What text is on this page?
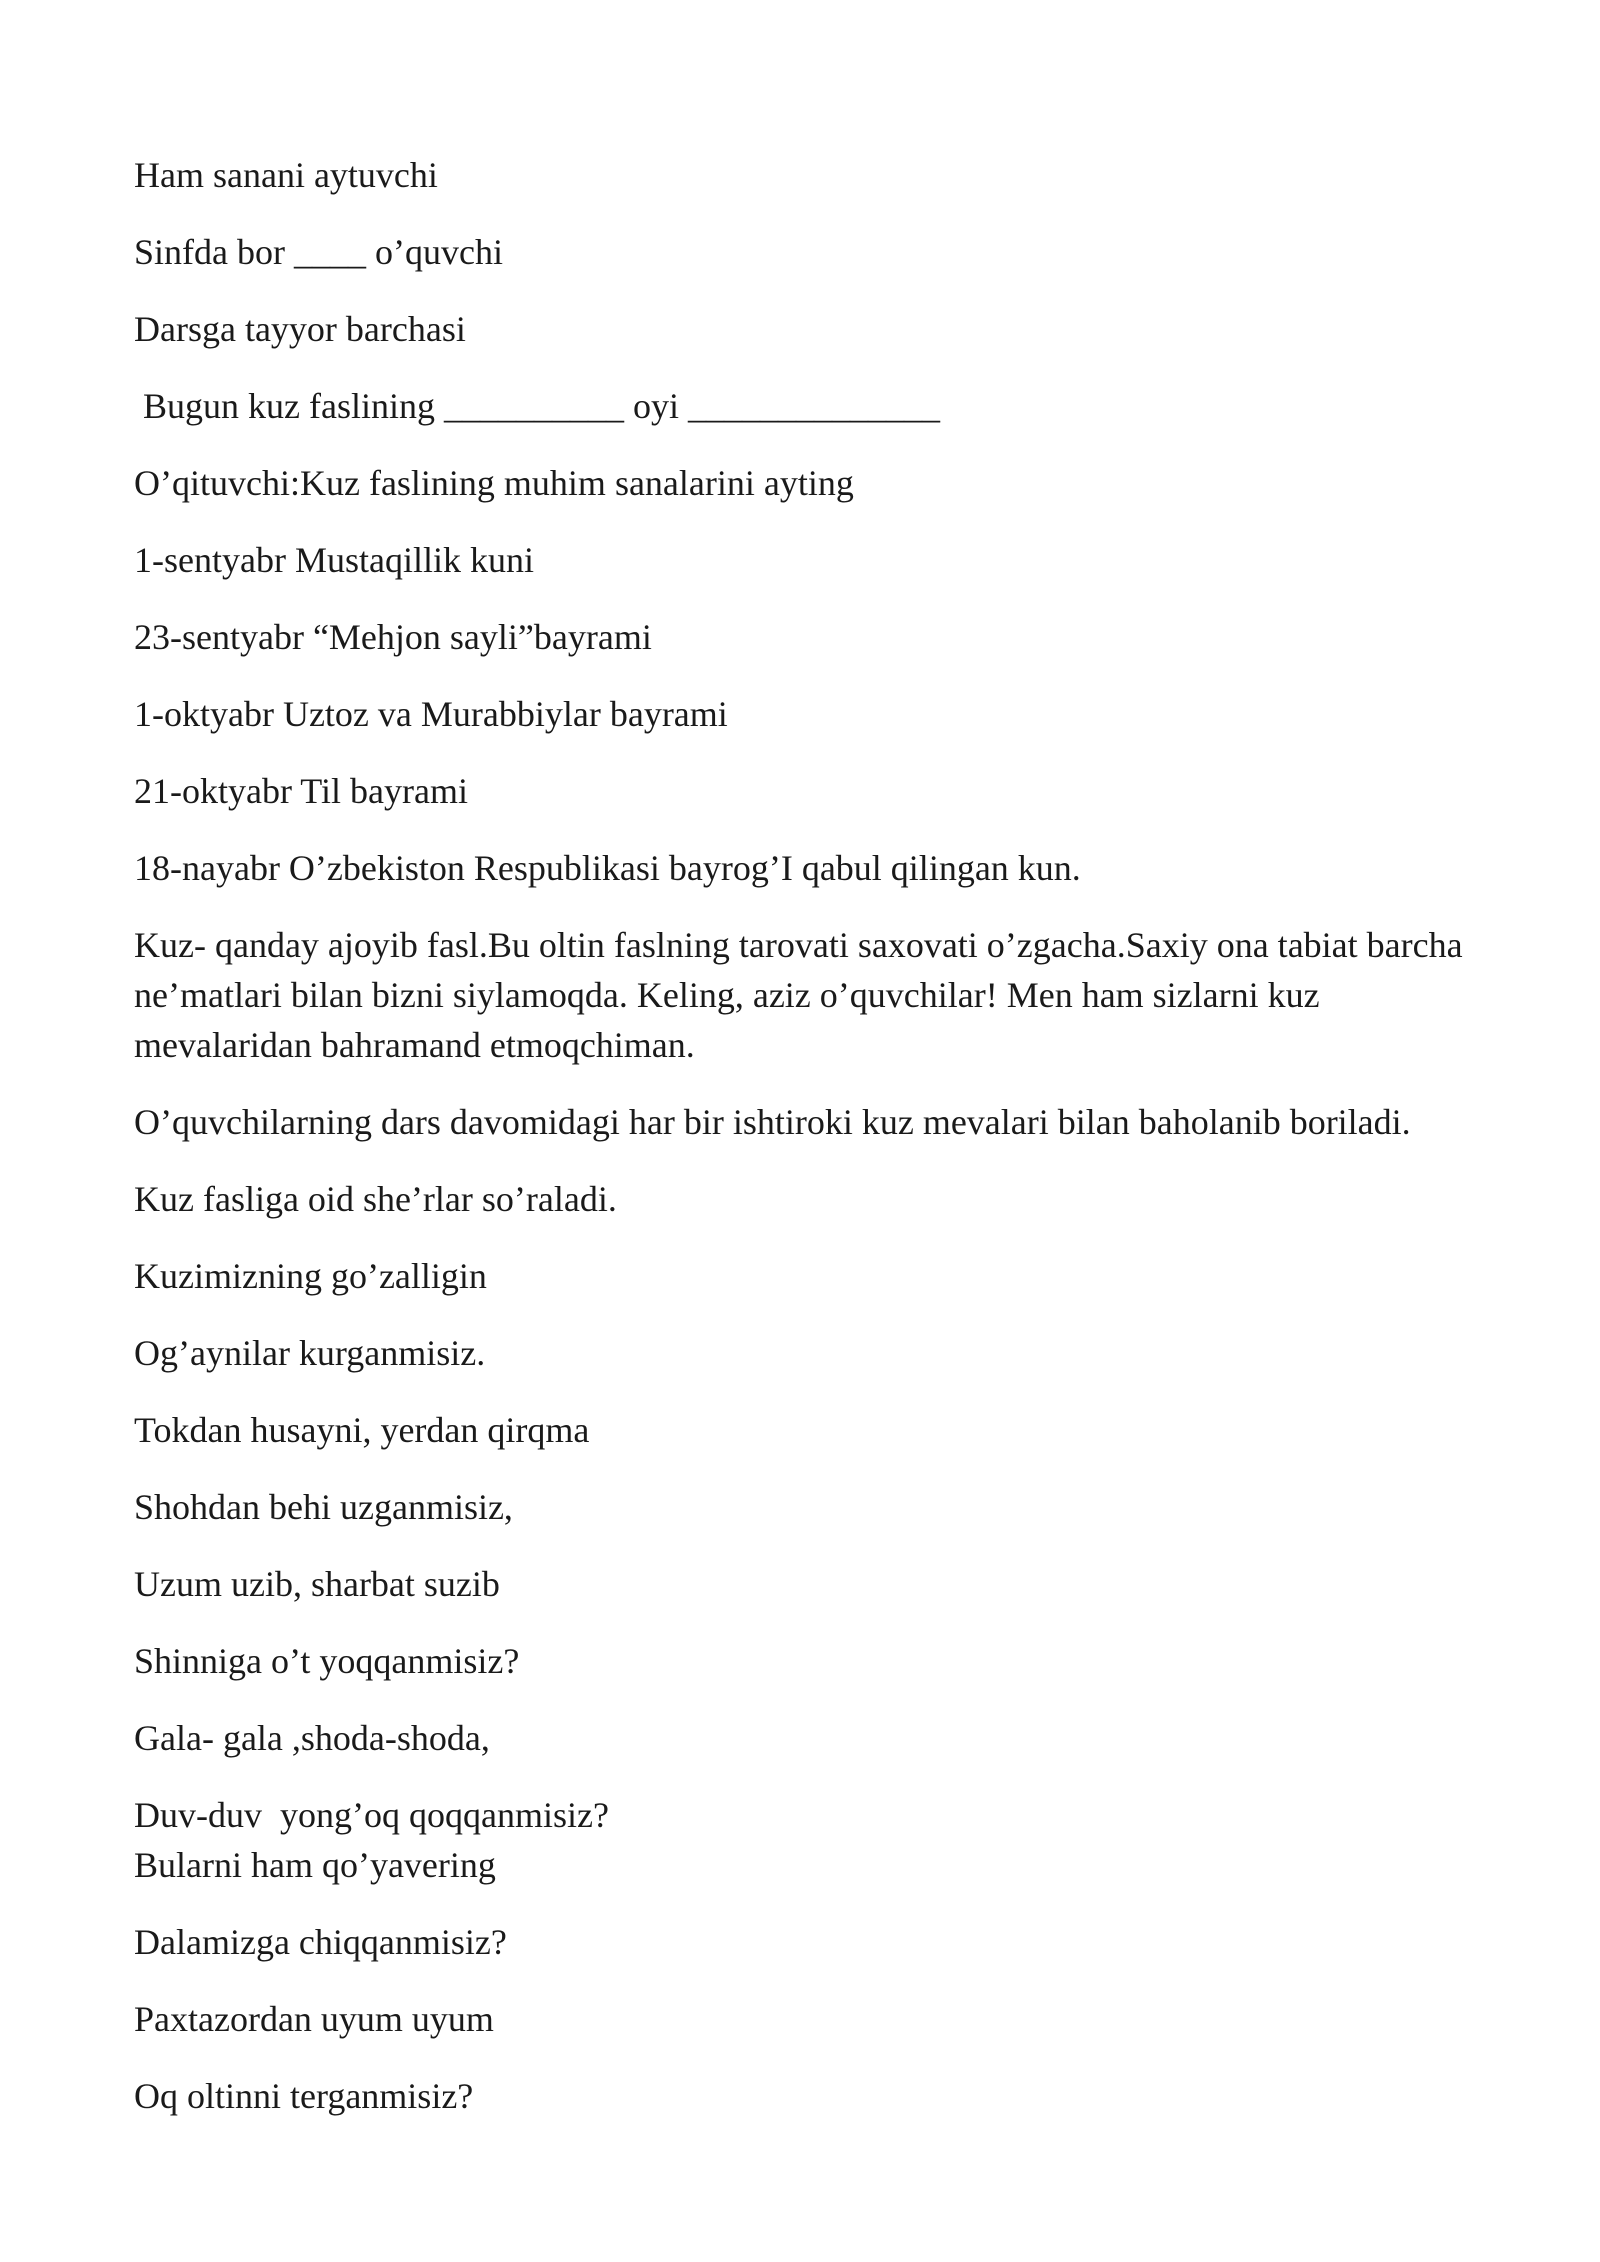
Ham sanani aytuvchi
Sinfda bor ____ o’quvchi
Darsga tayyor barchasi
Bugun kuz faslining __________ oyi ______________
O’qituvchi:Kuz faslining muhim sanalarini ayting
1-sentyabr Mustaqillik kuni
23-sentyabr “Mehjon sayli”bayrami
1-oktyabr Uztoz va Murabbiylar bayrami
21-oktyabr Til bayrami
18-nayabr O’zbekiston Respublikasi bayrog’I qabul qilingan kun.
Kuz- qanday ajoyib fasl.Bu oltin faslning tarovati saxovati o’zgacha.Saxiy ona tabiat barcha
ne’matlari bilan bizni siylamoqda. Keling, aziz o’quvchilar! Men ham sizlarni kuz
mevalaridan bahramand etmoqchiman.
O’quvchilarning dars davomidagi har bir ishtiroki kuz mevalari bilan baholanib boriladi.
Kuz fasliga oid she’rlar so’raladi.
Kuzimizning go’zalligin
Og’aynilar kurganmisiz.
Tokdan husayni, yerdan qirqma
Shohdan behi uzganmisiz,
Uzum uzib, sharbat suzib
Shinniga o’t yoqqanmisiz?
Gala- gala ,shoda-shoda,
Duv-duv  yong’oq qoqqanmisiz?
Bularni ham qo’yavering
Dalamizga chiqqanmisiz?
Paxtazordan uyum uyum
Oq oltinni terganmisiz?
